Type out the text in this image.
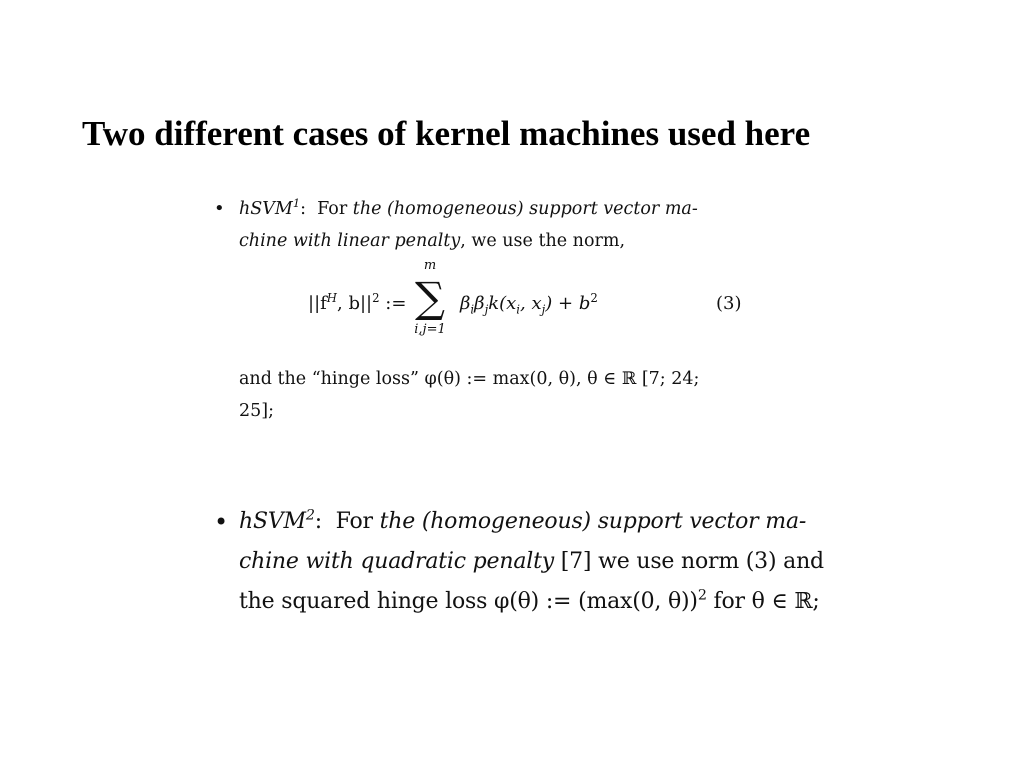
Two different cases of kernel machines used here
• hSVM$^1$: For the (homogeneous) support vector ma-
chine with linear penalty, we use the norm,
$||f^H$, $b||^2$ :=
m
∑
i,j=1
$\beta_i\beta_jk(x_i$, $x_j) + b^2$	(3)
and the “hinge loss” φ(θ) := max(0, θ), θ ∈ ℝ [7; 24;
25];
• hSVM$^2$: For the (homogeneous) support vector ma-
chine with quadratic penalty [7] we use norm (3) and
the squared hinge loss φ(θ) := (max(0, θ))$^2$ for θ ∈ ℝ;
